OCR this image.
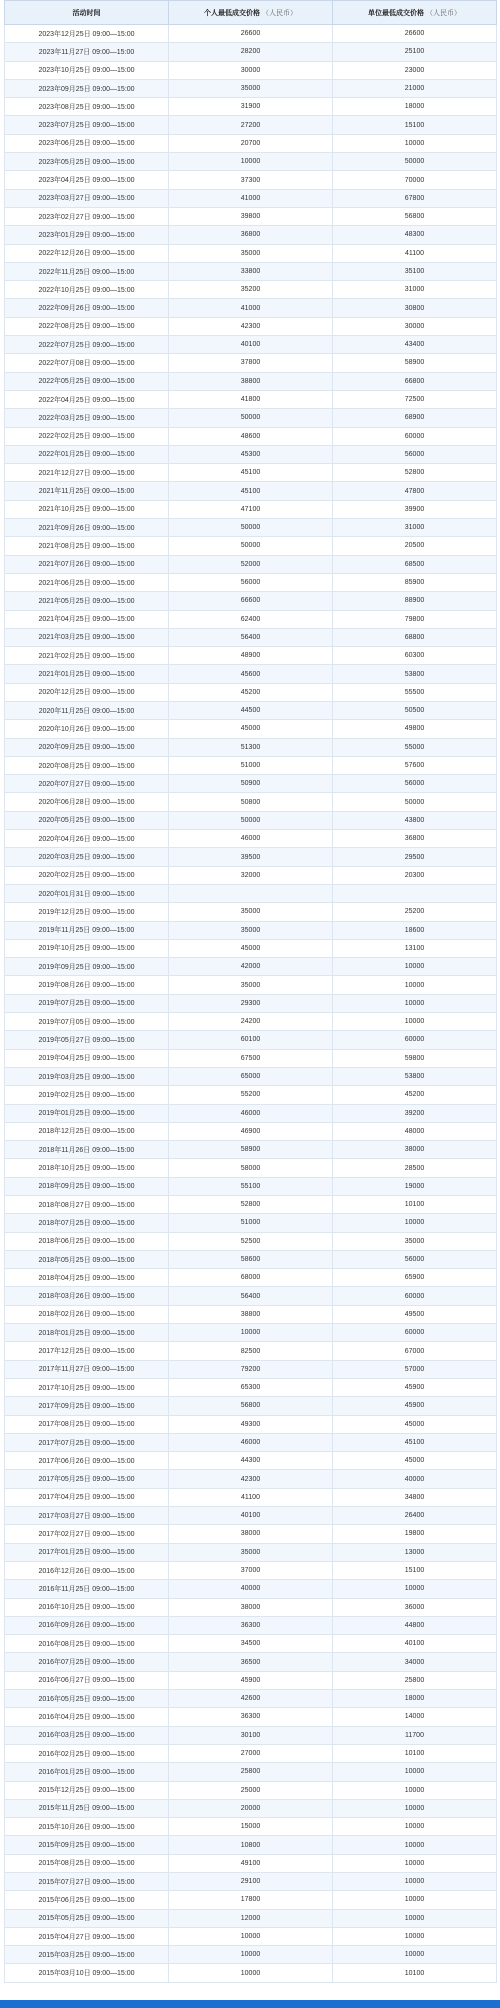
活动时间	个人最低成交价格 （人民币）	单位最低成交价格 （人民币）
2023年12月25日 09:00—15:00	26600	26600
2023年11月27日 09:00—15:00	28200	25100
2023年10月25日 09:00—15:00	30000	23000
2023年09月25日 09:00—15:00	35000	21000
2023年08月25日 09:00—15:00	31900	18000
2023年07月25日 09:00—15:00	27200	15100
2023年06月25日 09:00—15:00	20700	10000
2023年05月25日 09:00—15:00	10000	50000
2023年04月25日 09:00—15:00	37300	70000
2023年03月27日 09:00—15:00	41000	67800
2023年02月27日 09:00—15:00	39800	56800
2023年01月29日 09:00—15:00	36800	48300
2022年12月26日 09:00—15:00	35000	41100
2022年11月25日 09:00—15:00	33800	35100
2022年10月25日 09:00—15:00	35200	31000
2022年09月26日 09:00—15:00	41000	30800
2022年08月25日 09:00—15:00	42300	30000
2022年07月25日 09:00—15:00	40100	43400
2022年07月08日 09:00—15:00	37800	58900
2022年05月25日 09:00—15:00	38800	66800
2022年04月25日 09:00—15:00	41800	72500
2022年03月25日 09:00—15:00	50000	68900
2022年02月25日 09:00—15:00	48600	60000
2022年01月25日 09:00—15:00	45300	56000
2021年12月27日 09:00—15:00	45100	52800
2021年11月25日 09:00—15:00	45100	47800
2021年10月25日 09:00—15:00	47100	39900
2021年09月26日 09:00—15:00	50000	31000
2021年08月25日 09:00—15:00	50000	20500
2021年07月26日 09:00—15:00	52000	68500
2021年06月25日 09:00—15:00	56000	85900
2021年05月25日 09:00—15:00	66600	88900
2021年04月25日 09:00—15:00	62400	79800
2021年03月25日 09:00—15:00	56400	68800
2021年02月25日 09:00—15:00	48900	60300
2021年01月25日 09:00—15:00	45600	53800
2020年12月25日 09:00—15:00	45200	55500
2020年11月25日 09:00—15:00	44500	50500
2020年10月26日 09:00—15:00	45000	49800
2020年09月25日 09:00—15:00	51300	55000
2020年08月25日 09:00—15:00	51000	57600
2020年07月27日 09:00—15:00	50900	56000
2020年06月28日 09:00—15:00	50800	50000
2020年05月25日 09:00—15:00	50000	43800
2020年04月26日 09:00—15:00	46000	36800
2020年03月25日 09:00—15:00	39500	29500
2020年02月25日 09:00—15:00	32000	20300
2020年01月31日 09:00—15:00		
2019年12月25日 09:00—15:00	35000	25200
2019年11月25日 09:00—15:00	35000	18600
2019年10月25日 09:00—15:00	45000	13100
2019年09月25日 09:00—15:00	42000	10000
2019年08月26日 09:00—15:00	35000	10000
2019年07月25日 09:00—15:00	29300	10000
2019年07月05日 09:00—15:00	24200	10000
2019年05月27日 09:00—15:00	60100	60000
2019年04月25日 09:00—15:00	67500	59800
2019年03月25日 09:00—15:00	65000	53800
2019年02月25日 09:00—15:00	55200	45200
2019年01月25日 09:00—15:00	46000	39200
2018年12月25日 09:00—15:00	46900	48000
2018年11月26日 09:00—15:00	58900	38000
2018年10月25日 09:00—15:00	58000	28500
2018年09月25日 09:00—15:00	55100	19000
2018年08月27日 09:00—15:00	52800	10100
2018年07月25日 09:00—15:00	51000	10000
2018年06月25日 09:00—15:00	52500	35000
2018年05月25日 09:00—15:00	58600	56000
2018年04月25日 09:00—15:00	68000	65900
2018年03月26日 09:00—15:00	56400	60000
2018年02月26日 09:00—15:00	38800	49500
2018年01月25日 09:00—15:00	10000	60000
2017年12月25日 09:00—15:00	82500	67000
2017年11月27日 09:00—15:00	79200	57000
2017年10月25日 09:00—15:00	65300	45900
2017年09月25日 09:00—15:00	56800	45900
2017年08月25日 09:00—15:00	49300	45000
2017年07月25日 09:00—15:00	46000	45100
2017年06月26日 09:00—15:00	44300	45000
2017年05月25日 09:00—15:00	42300	40000
2017年04月25日 09:00—15:00	41100	34800
2017年03月27日 09:00—15:00	40100	26400
2017年02月27日 09:00—15:00	38000	19800
2017年01月25日 09:00—15:00	35000	13000
2016年12月26日 09:00—15:00	37000	15100
2016年11月25日 09:00—15:00	40000	10000
2016年10月25日 09:00—15:00	38000	36000
2016年09月26日 09:00—15:00	36300	44800
2016年08月25日 09:00—15:00	34500	40100
2016年07月25日 09:00—15:00	36500	34000
2016年06月27日 09:00—15:00	45900	25800
2016年05月25日 09:00—15:00	42600	18000
2016年04月25日 09:00—15:00	36300	14000
2016年03月25日 09:00—15:00	30100	11700
2016年02月25日 09:00—15:00	27000	10100
2016年01月25日 09:00—15:00	25800	10000
2015年12月25日 09:00—15:00	25000	10000
2015年11月25日 09:00—15:00	20000	10000
2015年10月26日 09:00—15:00	15000	10000
2015年09月25日 09:00—15:00	10800	10000
2015年08月25日 09:00—15:00	49100	10000
2015年07月27日 09:00—15:00	29100	10000
2015年06月25日 09:00—15:00	17800	10000
2015年05月25日 09:00—15:00	12000	10000
2015年04月27日 09:00—15:00	10000	10000
2015年03月25日 09:00—15:00	10000	10000
2015年03月10日 09:00—15:00	10000	10100
